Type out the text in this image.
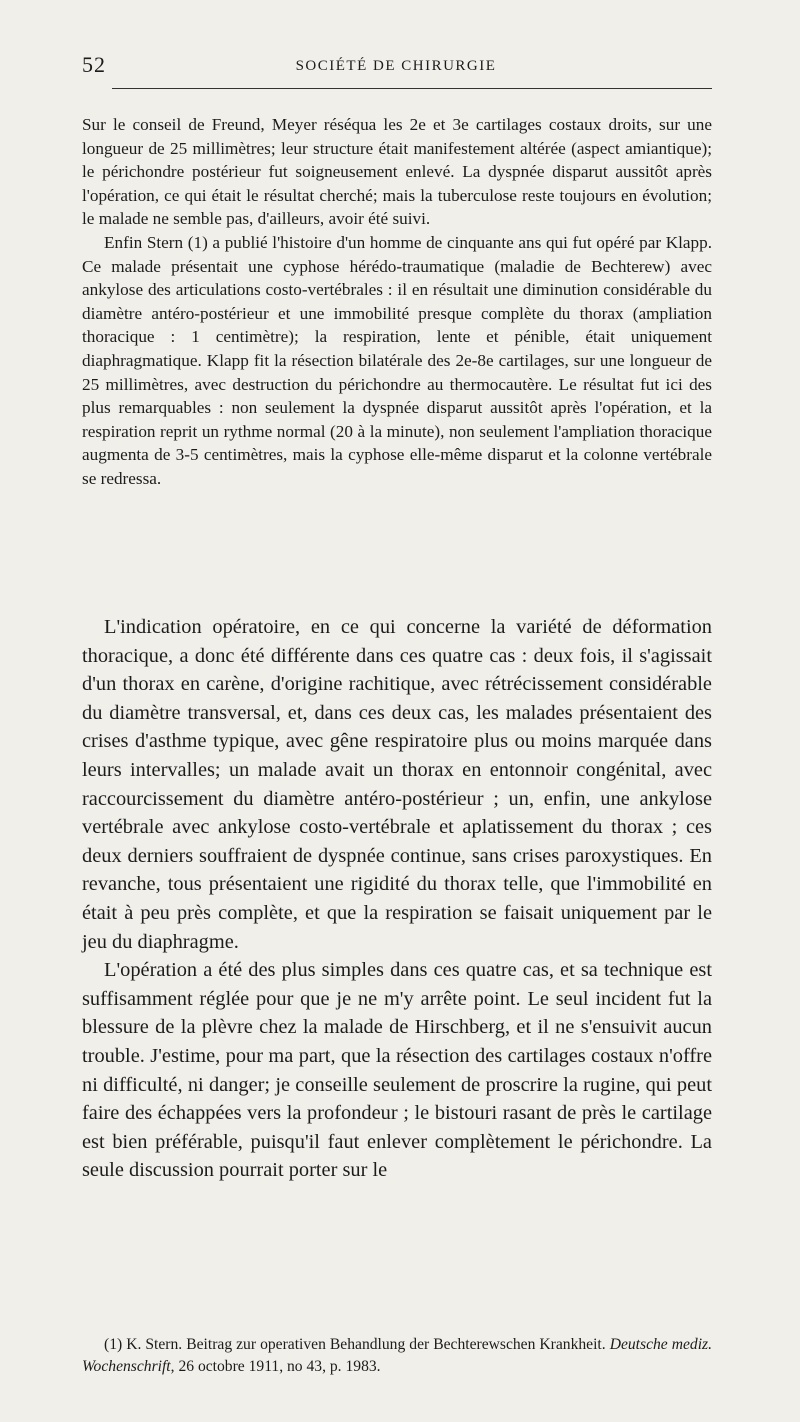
52	SOCIÉTÉ DE CHIRURGIE

Sur le conseil de Freund, Meyer réséqua les 2e et 3e cartilages costaux droits, sur une longueur de 25 millimètres; leur structure était manifestement altérée (aspect amiantique); le périchondre postérieur fut soigneusement enlevé. La dyspnée disparut aussitôt après l'opération, ce qui était le résultat cherché; mais la tuberculose reste toujours en évolution; le malade ne semble pas, d'ailleurs, avoir été suivi.

Enfin Stern (1) a publié l'histoire d'un homme de cinquante ans qui fut opéré par Klapp. Ce malade présentait une cyphose hérédo-traumatique (maladie de Bechterew) avec ankylose des articulations costo-vertébrales : il en résultait une diminution considérable du diamètre antéro-postérieur et une immobilité presque complète du thorax (ampliation thoracique : 1 centimètre); la respiration, lente et pénible, était uniquement diaphragmatique. Klapp fit la résection bilatérale des 2e-8e cartilages, sur une longueur de 25 millimètres, avec destruction du périchondre au thermocautère. Le résultat fut ici des plus remarquables : non seulement la dyspnée disparut aussitôt après l'opération, et la respiration reprit un rythme normal (20 à la minute), non seulement l'ampliation thoracique augmenta de 3-5 centimètres, mais la cyphose elle-même disparut et la colonne vertébrale se redressa.

L'indication opératoire, en ce qui concerne la variété de déformation thoracique, a donc été différente dans ces quatre cas : deux fois, il s'agissait d'un thorax en carène, d'origine rachitique, avec rétrécissement considérable du diamètre transversal, et, dans ces deux cas, les malades présentaient des crises d'asthme typique, avec gêne respiratoire plus ou moins marquée dans leurs intervalles; un malade avait un thorax en entonnoir congénital, avec raccourcissement du diamètre antéro-postérieur ; un, enfin, une ankylose vertébrale avec ankylose costo-vertébrale et aplatissement du thorax ; ces deux derniers souffraient de dyspnée continue, sans crises paroxystiques. En revanche, tous présentaient une rigidité du thorax telle, que l'immobilité en était à peu près complète, et que la respiration se faisait uniquement par le jeu du diaphragme.

L'opération a été des plus simples dans ces quatre cas, et sa technique est suffisamment réglée pour que je ne m'y arrête point. Le seul incident fut la blessure de la plèvre chez la malade de Hirschberg, et il ne s'ensuivit aucun trouble. J'estime, pour ma part, que la résection des cartilages costaux n'offre ni difficulté, ni danger; je conseille seulement de proscrire la rugine, qui peut faire des échappées vers la profondeur ; le bistouri rasant de près le cartilage est bien préférable, puisqu'il faut enlever complètement le périchondre. La seule discussion pourrait porter sur le

(1) K. Stern. Beitrag zur operativen Behandlung der Bechterewschen Krankheit. Deutsche mediz. Wochenschrift, 26 octobre 1911, no 43, p. 1983.
